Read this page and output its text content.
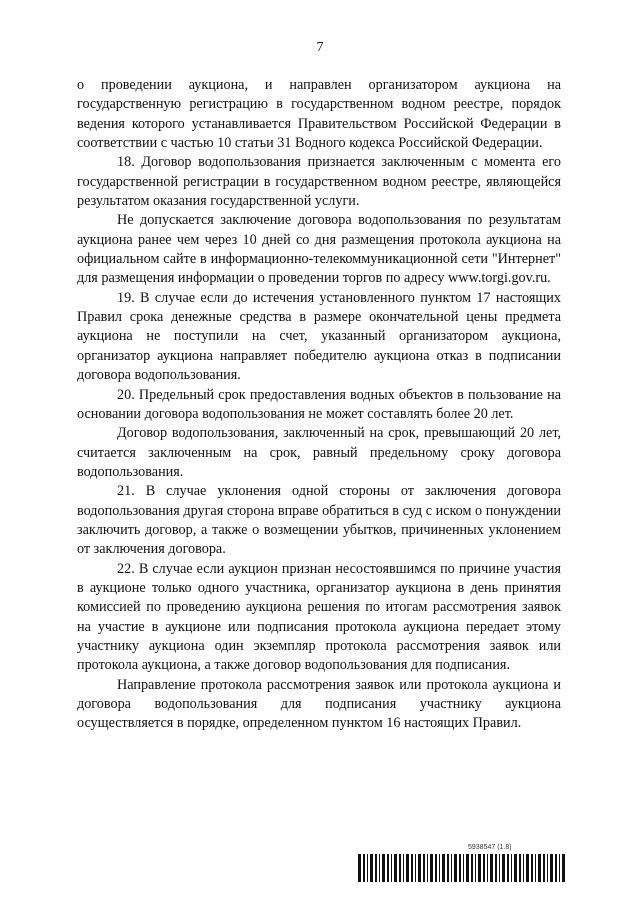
7

о проведении аукциона, и направлен организатором аукциона на государственную регистрацию в государственном водном реестре, порядок ведения которого устанавливается Правительством Российской Федерации в соответствии с частью 10 статьи 31 Водного кодекса Российской Федерации.

18. Договор водопользования признается заключенным с момента его государственной регистрации в государственном водном реестре, являющейся результатом оказания государственной услуги.

Не допускается заключение договора водопользования по результатам аукциона ранее чем через 10 дней со дня размещения протокола аукциона на официальном сайте в информационно-телекоммуникационной сети "Интернет" для размещения информации о проведении торгов по адресу www.torgi.gov.ru.

19. В случае если до истечения установленного пунктом 17 настоящих Правил срока денежные средства в размере окончательной цены предмета аукциона не поступили на счет, указанный организатором аукциона, организатор аукциона направляет победителю аукциона отказ в подписании договора водопользования.

20. Предельный срок предоставления водных объектов в пользование на основании договора водопользования не может составлять более 20 лет.

Договор водопользования, заключенный на срок, превышающий 20 лет, считается заключенным на срок, равный предельному сроку договора водопользования.

21. В случае уклонения одной стороны от заключения договора водопользования другая сторона вправе обратиться в суд с иском о понуждении заключить договор, а также о возмещении убытков, причиненных уклонением от заключения договора.

22. В случае если аукцион признан несостоявшимся по причине участия в аукционе только одного участника, организатор аукциона в день принятия комиссией по проведению аукциона решения по итогам рассмотрения заявок на участие в аукционе или подписания протокола аукциона передает этому участнику аукциона один экземпляр протокола рассмотрения заявок или протокола аукциона, а также договор водопользования для подписания.

Направление протокола рассмотрения заявок или протокола аукциона и договора водопользования для подписания участнику аукциона осуществляется в порядке, определенном пунктом 16 настоящих Правил.

5938547 (1.8)
